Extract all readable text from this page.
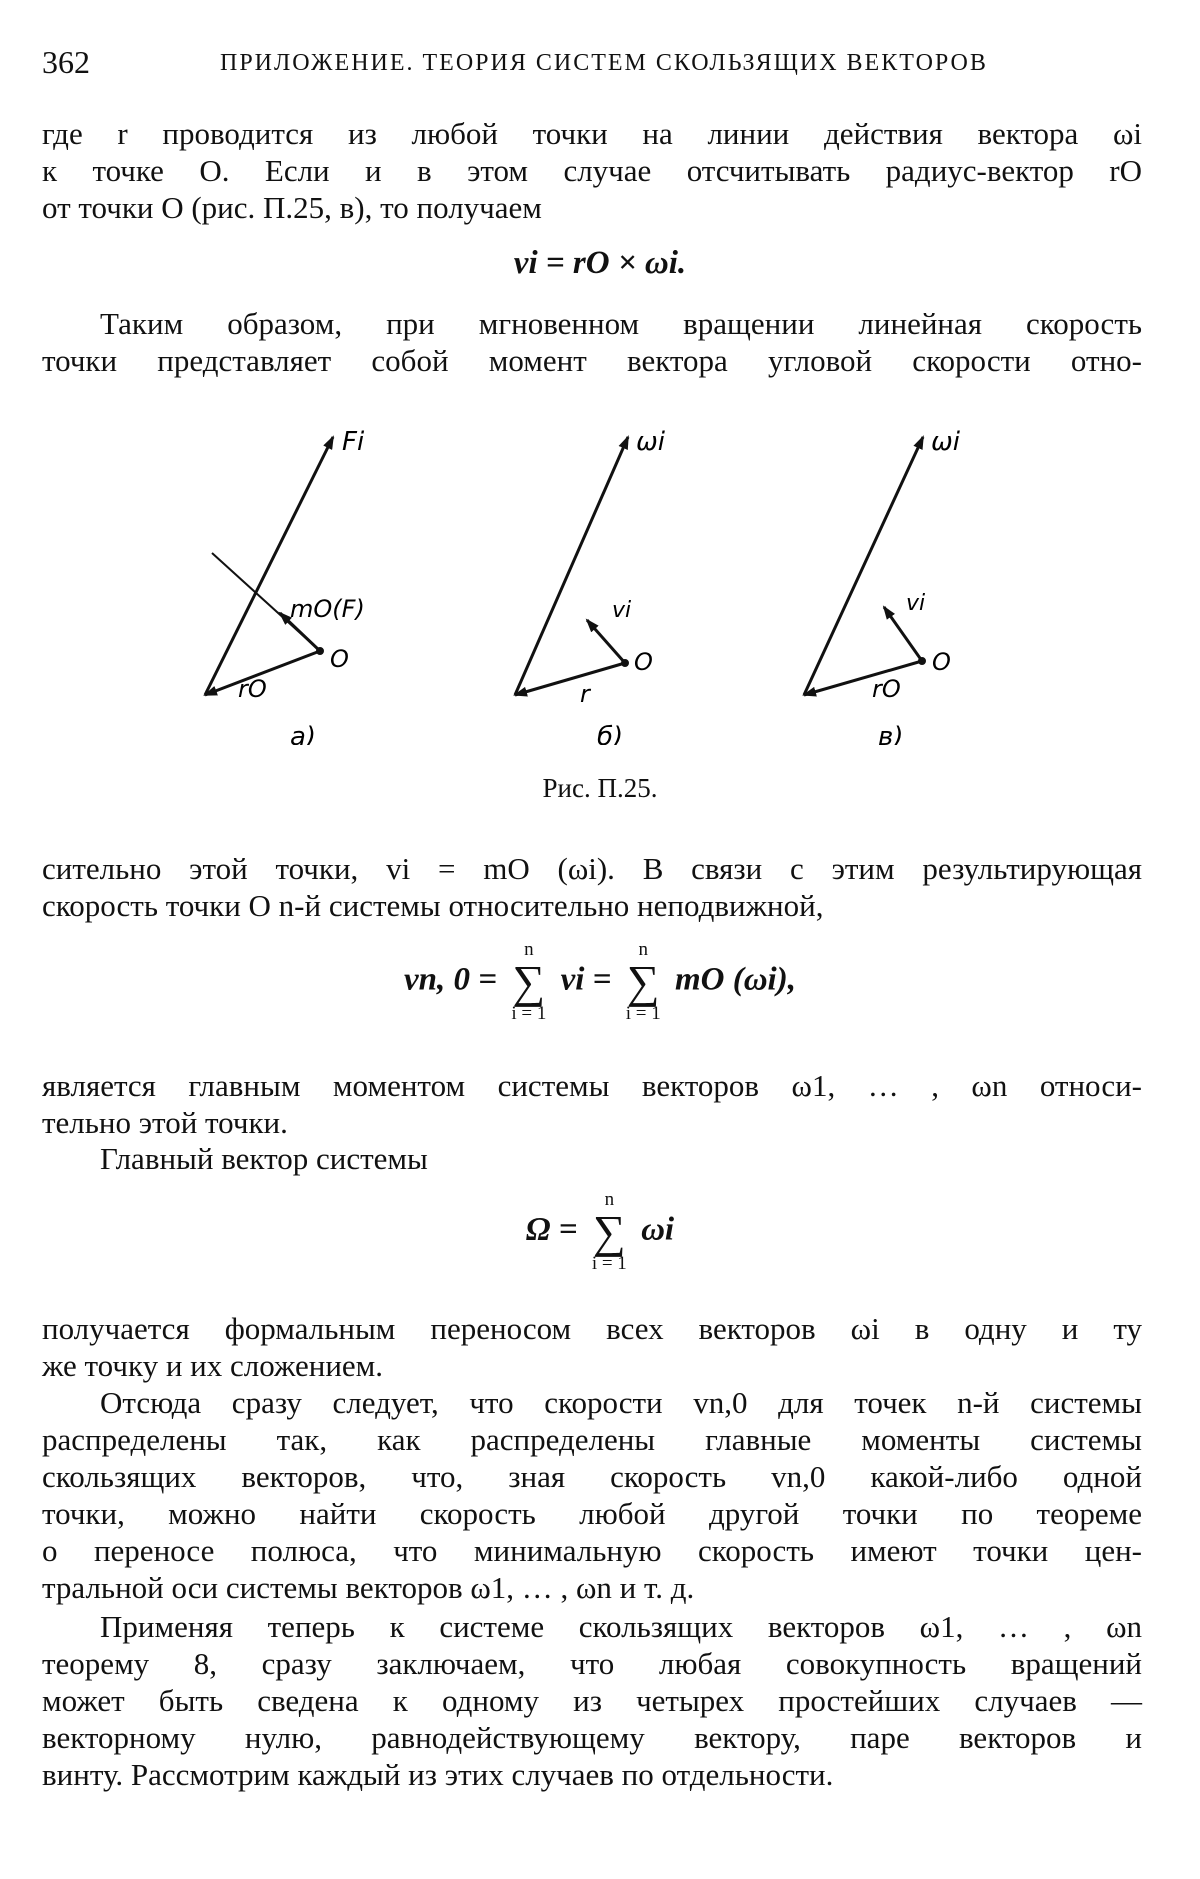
362	ПРИЛОЖЕНИЕ. ТЕОРИЯ СИСТЕМ СКОЛЬЗЯЩИХ ВЕКТОРОВ
где r проводится из любой точки на линии действия вектора ωi
к точке O. Если и в этом случае отсчитывать радиус-вектор rO
от точки O (рис. П.25, в), то получаем
vi = rO × ωi.
Таким образом, при мгновенном вращении линейная скорость
точки представляет собой момент вектора угловой скорости отно-
Fi
mO(F)
rO
O
а)
ωi
vi
r
O
б)
ωi
vi
rO
O
в)
Рис. П.25.
сительно этой точки, vi = mO (ωi). В связи с этим результирующая
скорость точки O n-й системы относительно неподвижной,
vn, 0 =
n
∑
i = 1
vi =
n
∑
i = 1
mO (ωi),
является главным моментом системы векторов ω1, … , ωn относи-
тельно этой точки.
Главный вектор системы
Ω =
n
∑
i = 1
ωi
получается формальным переносом всех векторов ωi в одну и ту
же точку и их сложением.
Отсюда сразу следует, что скорости vn,0 для точек n-й системы
распределены так, как распределены главные моменты системы
скользящих векторов, что, зная скорость vn,0 какой-либо одной
точки, можно найти скорость любой другой точки по теореме
о переносе полюса, что минимальную скорость имеют точки цен-
тральной оси системы векторов ω1, … , ωn и т. д.
Применяя теперь к системе скользящих векторов ω1, … , ωn
теорему 8, сразу заключаем, что любая совокупность вращений
может быть сведена к одному из четырех простейших случаев —
векторному нулю, равнодействующему вектору, паре векторов и
винту. Рассмотрим каждый из этих случаев по отдельности.
